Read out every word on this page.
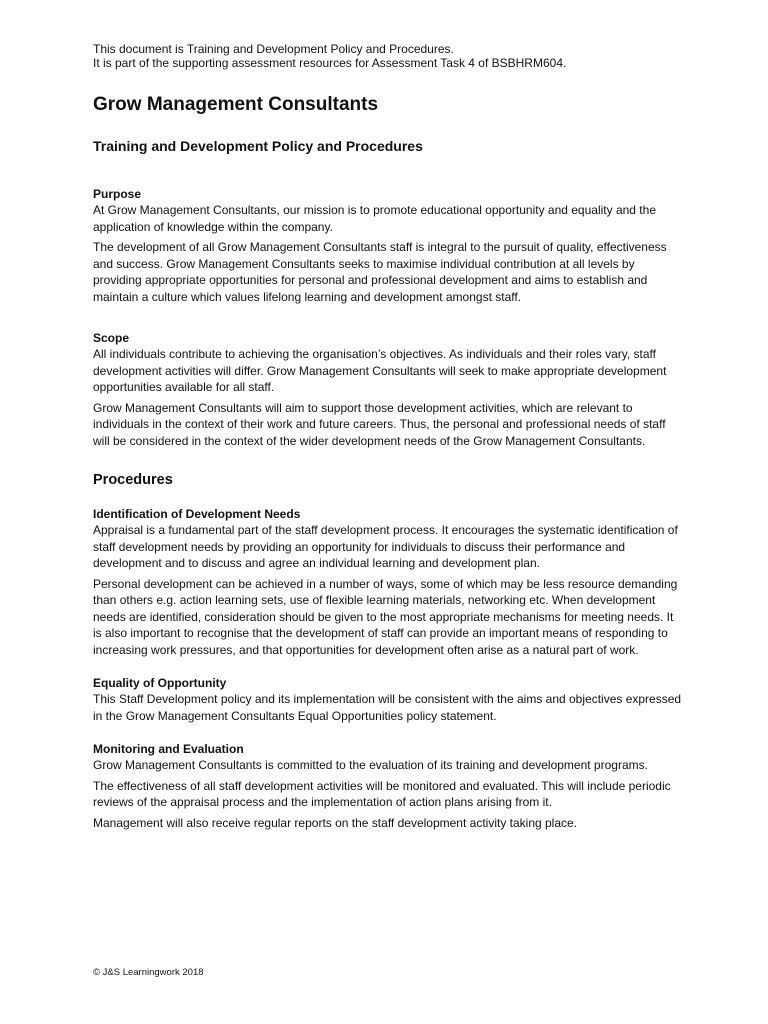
This document is Training and Development Policy and Procedures.

It is part of the supporting assessment resources for Assessment Task 4 of BSBHRM604.

Grow Management Consultants
Training and Development Policy and Procedures
Purpose

At Grow Management Consultants, our mission is to promote educational opportunity and equality and the application of knowledge within the company.

The development of all Grow Management Consultants staff is integral to the pursuit of quality, effectiveness and success. Grow Management Consultants seeks to maximise individual contribution at all levels by providing appropriate opportunities for personal and professional development and aims to establish and maintain a culture which values lifelong learning and development amongst staff.

Scope

All individuals contribute to achieving the organisation’s objectives. As individuals and their roles vary, staff development activities will differ. Grow Management Consultants will seek to make appropriate development opportunities available for all staff.

Grow Management Consultants will aim to support those development activities, which are relevant to individuals in the context of their work and future careers. Thus, the personal and professional needs of staff will be considered in the context of the wider development needs of the Grow Management Consultants.

Procedures
Identification of Development Needs

Appraisal is a fundamental part of the staff development process. It encourages the systematic identification of staff development needs by providing an opportunity for individuals to discuss their performance and development and to discuss and agree an individual learning and development plan.

Personal development can be achieved in a number of ways, some of which may be less resource demanding than others e.g. action learning sets, use of flexible learning materials, networking etc. When development needs are identified, consideration should be given to the most appropriate mechanisms for meeting needs. It is also important to recognise that the development of staff can provide an important means of responding to increasing work pressures, and that opportunities for development often arise as a natural part of work.

Equality of Opportunity

This Staff Development policy and its implementation will be consistent with the aims and objectives expressed in the Grow Management Consultants Equal Opportunities policy statement.

Monitoring and Evaluation

Grow Management Consultants is committed to the evaluation of its training and development programs.

The effectiveness of all staff development activities will be monitored and evaluated. This will include periodic reviews of the appraisal process and the implementation of action plans arising from it.

Management will also receive regular reports on the staff development activity taking place.

© J&S Learningwork 2018
